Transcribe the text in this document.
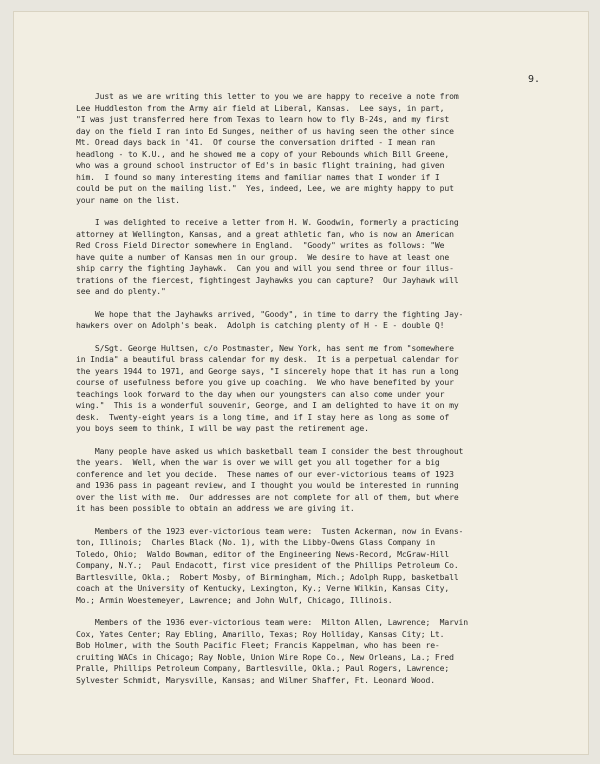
9.

Just as we are writing this letter to you we are happy to receive a note from
Lee Huddleston from the Army air field at Liberal, Kansas.  Lee says, in part,
"I was just transferred here from Texas to learn how to fly B-24s, and my first
day on the field I ran into Ed Sunges, neither of us having seen the other since
Mt. Oread days back in '41.  Of course the conversation drifted - I mean ran
headlong - to K.U., and he showed me a copy of your Rebounds which Bill Greene,
who was a ground school instructor of Ed's in basic flight training, had given
him.  I found so many interesting items and familiar names that I wonder if I
could be put on the mailing list."  Yes, indeed, Lee, we are mighty happy to put
your name on the list.

I was delighted to receive a letter from H. W. Goodwin, formerly a practicing
attorney at Wellington, Kansas, and a great athletic fan, who is now an American
Red Cross Field Director somewhere in England.  "Goody" writes as follows: "We
have quite a number of Kansas men in our group.  We desire to have at least one
ship carry the fighting Jayhawk.  Can you and will you send three or four illus-
trations of the fiercest, fightingest Jayhawks you can capture?  Our Jayhawk will
see and do plenty."

We hope that the Jayhawks arrived, "Goody", in time to darry the fighting Jay-
hawkers over on Adolph's beak.  Adolph is catching plenty of H - E - double Q!

S/Sgt. George Hultsen, c/o Postmaster, New York, has sent me from "somewhere
in India" a beautiful brass calendar for my desk.  It is a perpetual calendar for
the years 1944 to 1971, and George says, "I sincerely hope that it has run a long
course of usefulness before you give up coaching.  We who have benefited by your
teachings look forward to the day when our youngsters can also come under your
wing."  This is a wonderful souvenir, George, and I am delighted to have it on my
desk.  Twenty-eight years is a long time, and if I stay here as long as some of
you boys seem to think, I will be way past the retirement age.

Many people have asked us which basketball team I consider the best throughout
the years.  Well, when the war is over we will get you all together for a big
conference and let you decide.  These names of our ever-victorious teams of 1923
and 1936 pass in pageant review, and I thought you would be interested in running
over the list with me.  Our addresses are not complete for all of them, but where
it has been possible to obtain an address we are giving it.

Members of the 1923 ever-victorious team were:  Tusten Ackerman, now in Evans-
ton, Illinois;  Charles Black (No. 1), with the Libby-Owens Glass Company in
Toledo, Ohio;  Waldo Bowman, editor of the Engineering News-Record, McGraw-Hill
Company, N.Y.;  Paul Endacott, first vice president of the Phillips Petroleum Co.
Bartlesville, Okla.;  Robert Mosby, of Birmingham, Mich.; Adolph Rupp, basketball
coach at the University of Kentucky, Lexington, Ky.; Verne Wilkin, Kansas City,
Mo.; Armin Woestemeyer, Lawrence; and John Wulf, Chicago, Illinois.

Members of the 1936 ever-victorious team were:  Milton Allen, Lawrence;  Marvin
Cox, Yates Center; Ray Ebling, Amarillo, Texas; Roy Holliday, Kansas City; Lt.
Bob Holmer, with the South Pacific Fleet; Francis Kappelman, who has been re-
cruiting WACs in Chicago; Ray Noble, Union Wire Rope Co., New Orleans, La.; Fred
Pralle, Phillips Petroleum Company, Bartlesville, Okla.; Paul Rogers, Lawrence;
Sylvester Schmidt, Marysville, Kansas; and Wilmer Shaffer, Ft. Leonard Wood.
